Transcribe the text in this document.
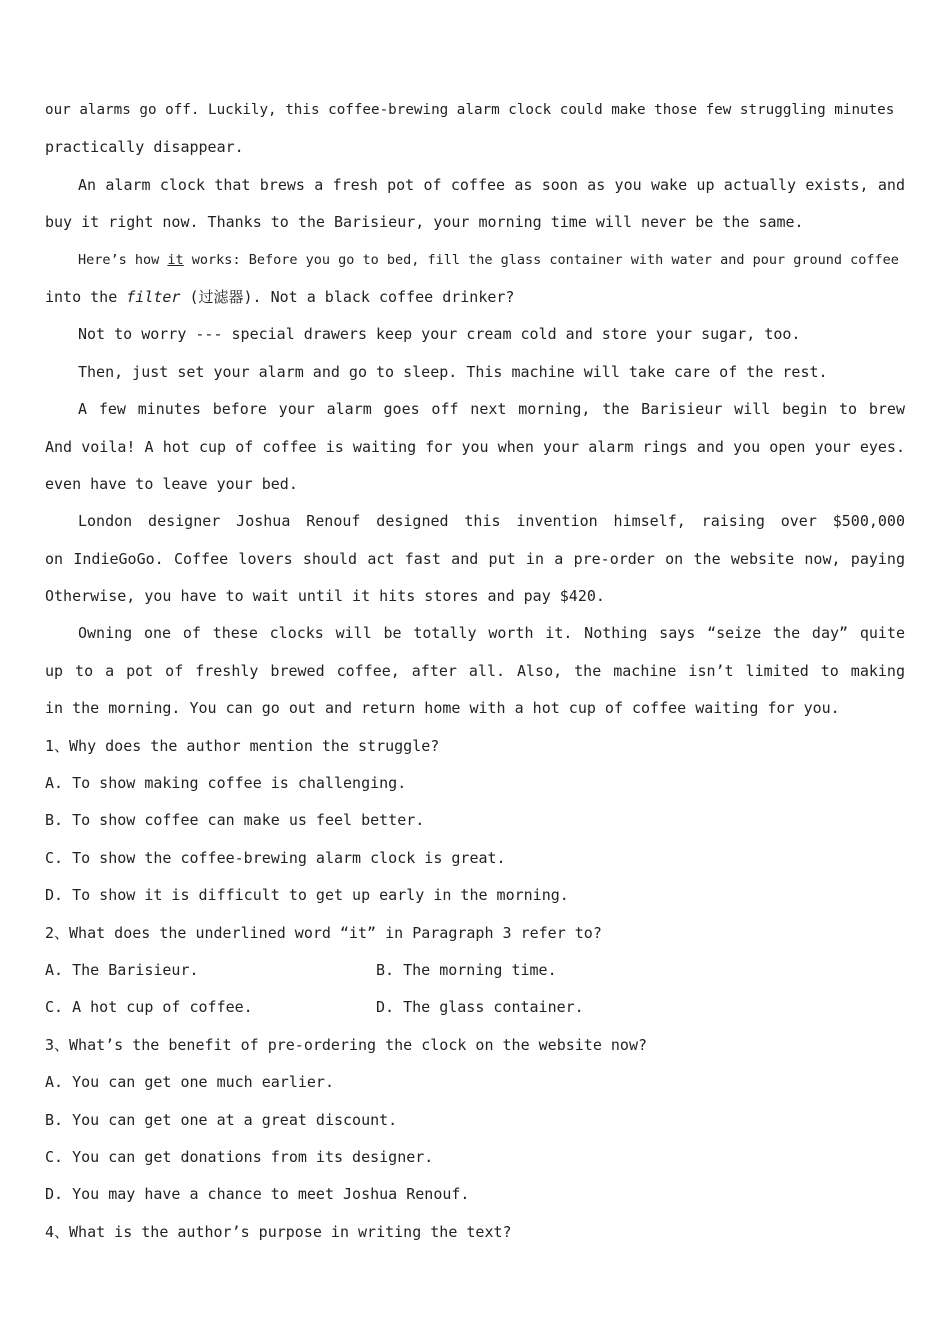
our alarms go off. Luckily, this coffee-brewing alarm clock could make those few struggling minutes
practically disappear.
An alarm clock that brews a fresh pot of coffee as soon as you wake up actually exists, and
buy it right now. Thanks to the Barisieur, your morning time will never be the same.
Here’s how it works: Before you go to bed, fill the glass container with water and pour ground coffee
into the filter (过滤器). Not a black coffee drinker?
Not to worry --- special drawers keep your cream cold and store your sugar, too.
Then, just set your alarm and go to sleep. This machine will take care of the rest.
A few minutes before your alarm goes off next morning, the Barisieur will begin to brew
And voila! A hot cup of coffee is waiting for you when your alarm rings and you open your eyes.
even have to leave your bed.
London designer Joshua Renouf designed this invention himself, raising over $500,000
on IndieGoGo. Coffee lovers should act fast and put in a pre-order on the website now, paying
Otherwise, you have to wait until it hits stores and pay $420.
Owning one of these clocks will be totally worth it. Nothing says “seize the day” quite
up to a pot of freshly brewed coffee, after all. Also, the machine isn’t limited to making
in the morning. You can go out and return home with a hot cup of coffee waiting for you.
1、Why does the author mention the struggle?
A. To show making coffee is challenging.
B. To show coffee can make us feel better.
C. To show the coffee-brewing alarm clock is great.
D. To show it is difficult to get up early in the morning.
2、What does the underlined word “it” in Paragraph 3 refer to?
A. The Barisieur.	B. The morning time.
C. A hot cup of coffee.	D. The glass container.
3、What’s the benefit of pre-ordering the clock on the website now?
A. You can get one much earlier.
B. You can get one at a great discount.
C. You can get donations from its designer.
D. You may have a chance to meet Joshua Renouf.
4、What is the author’s purpose in writing the text?
